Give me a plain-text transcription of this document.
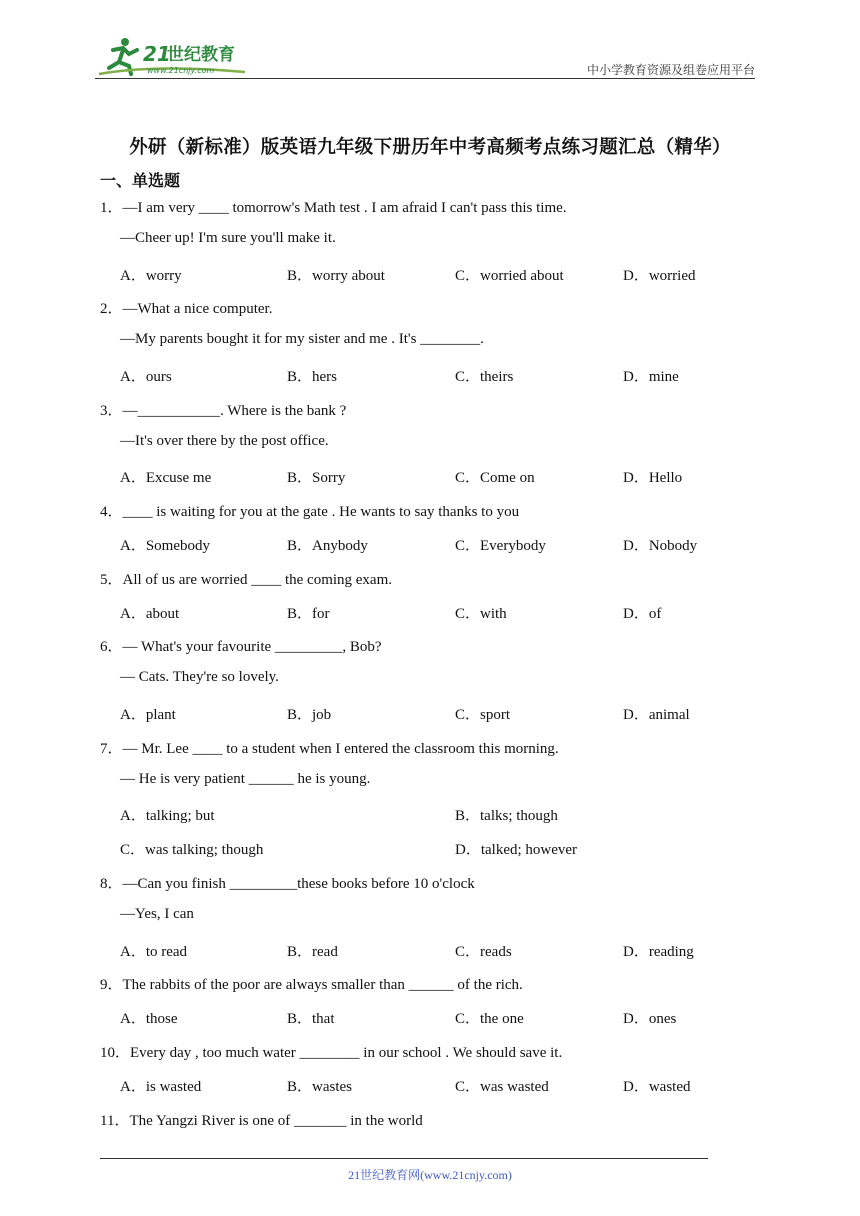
21
世纪教育
www.21cnjy.com	中小学教育资源及组卷应用平台
外研（新标准）版英语九年级下册历年中考高频考点练习题汇总（精华）
一、单选题
1．—I am very ____ tomorrow's Math test . I am afraid I can't pass this time.
—Cheer up! I'm sure you'll make it.
A．worry	B．worry about	C．worried about	D．worried
2．—What a nice computer.
—My parents bought it for my sister and me . It's ________.
A．ours	B．hers	C．theirs	D．mine
3．—___________. Where is the bank ?
—It's over there by the post office.
A．Excuse me	B．Sorry	C．Come on	D．Hello
4．____ is waiting for you at the gate . He wants to say thanks to you
A．Somebody	B．Anybody	C．Everybody	D．Nobody
5．All of us are worried ____ the coming exam.
A．about	B．for	C．with	D．of
6．— What's your favourite _________, Bob?
— Cats. They're so lovely.
A．plant	B．job	C．sport	D．animal
7．— Mr. Lee ____ to a student when I entered the classroom this morning.
— He is very patient ______ he is young.
A．talking; but	B．talks; though
C．was talking; though	D．talked; however
8．—Can you finish _________these books before 10 o'clock
—Yes, I can
A．to read	B．read	C．reads	D．reading
9．The rabbits of the poor are always smaller than ______ of the rich.
A．those	B．that	C．the one	D．ones
10．Every day , too much water ________ in our school . We should save it.
A．is wasted	B．wastes	C．was wasted	D．wasted
11．The Yangzi River is one of _______ in the world
21世纪教育网(www.21cnjy.com)
